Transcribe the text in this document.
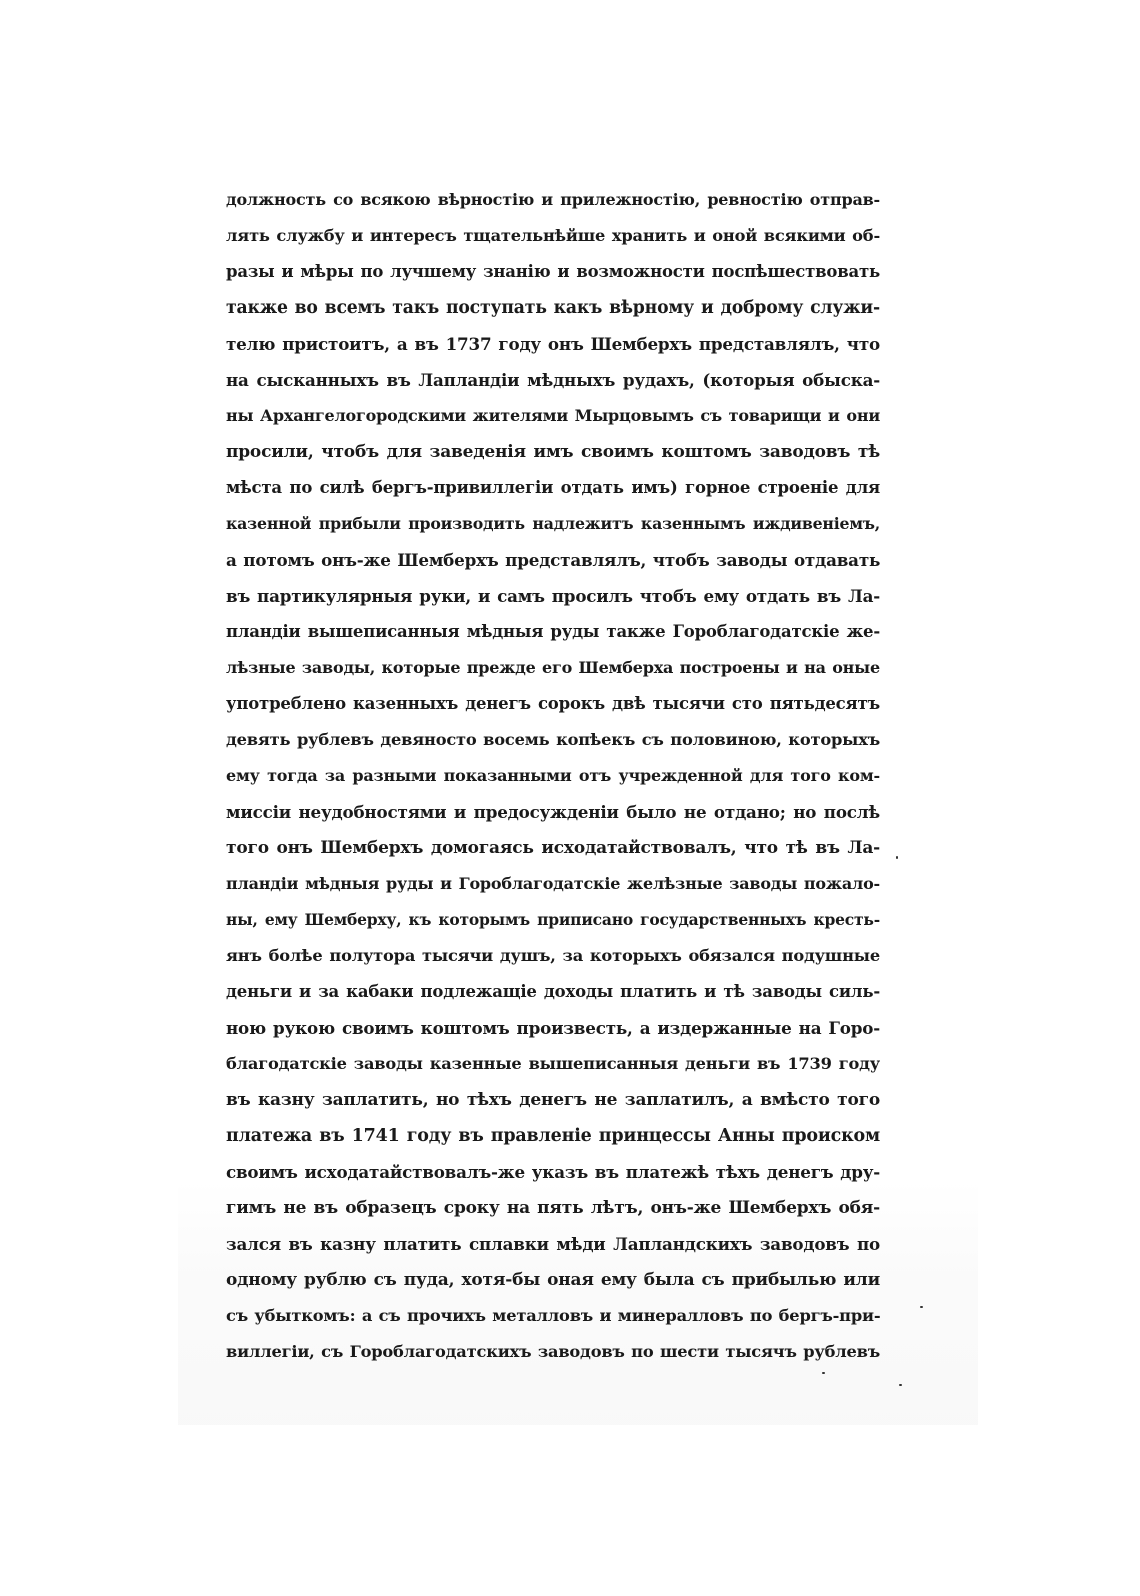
должность со всякою вѣрностію и прилежностію, ревностію отправ-
лять службу и интересъ тщательнѣйше хранить и оной всякими об-
разы и мѣры по лучшему знанію и возможности поспѣшествовать
также во всемъ такъ поступать какъ вѣрному и доброму служи-
телю пристоитъ, а въ 1737 году онъ Шемберхъ представлялъ, что
на сысканныхъ въ Лапландіи мѣдныхъ рудахъ, (которыя обыска-
ны Архангелогородскими жителями Мырцовымъ съ товарищи и они
просили, чтобъ для заведенія имъ своимъ коштомъ заводовъ тѣ
мѣста по силѣ бергъ-привиллегіи отдать имъ) горное строеніе для
казенной прибыли производить надлежитъ казеннымъ иждивеніемъ,
а потомъ онъ-же Шемберхъ представлялъ, чтобъ заводы отдавать
въ партикулярныя руки, и самъ просилъ чтобъ ему отдать въ Ла-
пландіи вышеписанныя мѣдныя руды также Гороблагодатскіе же-
лѣзные заводы, которые прежде его Шемберха построены и на оные
употреблено казенныхъ денегъ сорокъ двѣ тысячи сто пятьдесятъ
девять рублевъ девяносто восемь копѣекъ съ половиною, которыхъ
ему тогда за разными показанными отъ учрежденной для того ком-
миссіи неудобностями и предосужденіи было не отдано; но послѣ
того онъ Шемберхъ домогаясь исходатайствовалъ, что тѣ въ Ла-
пландіи мѣдныя руды и Гороблагодатскіе желѣзные заводы пожало-
ны, ему Шемберху, къ которымъ приписано государственныхъ кресть-
янъ болѣе полутора тысячи душъ, за которыхъ обязался подушные
деньги и за кабаки подлежащіе доходы платить и тѣ заводы силь-
ною рукою своимъ коштомъ произвесть, а издержанные на Горо-
благодатскіе заводы казенные вышеписанныя деньги въ 1739 году
въ казну заплатить, но тѣхъ денегъ не заплатилъ, а вмѣсто того
платежа въ 1741 году въ правленіе принцессы Анны происком
своимъ исходатайствовалъ-же указъ въ платежѣ тѣхъ денегъ дру-
гимъ не въ образецъ сроку на пять лѣтъ, онъ-же Шемберхъ обя-
зался въ казну платить сплавки мѣди Лапландскихъ заводовъ по
одному рублю съ пуда, хотя-бы оная ему была съ прибылью или
съ убыткомъ: а съ прочихъ металловъ и минералловъ по бергъ-при-
виллегіи, съ Гороблагодатскихъ заводовъ по шести тысячъ рублевъ
